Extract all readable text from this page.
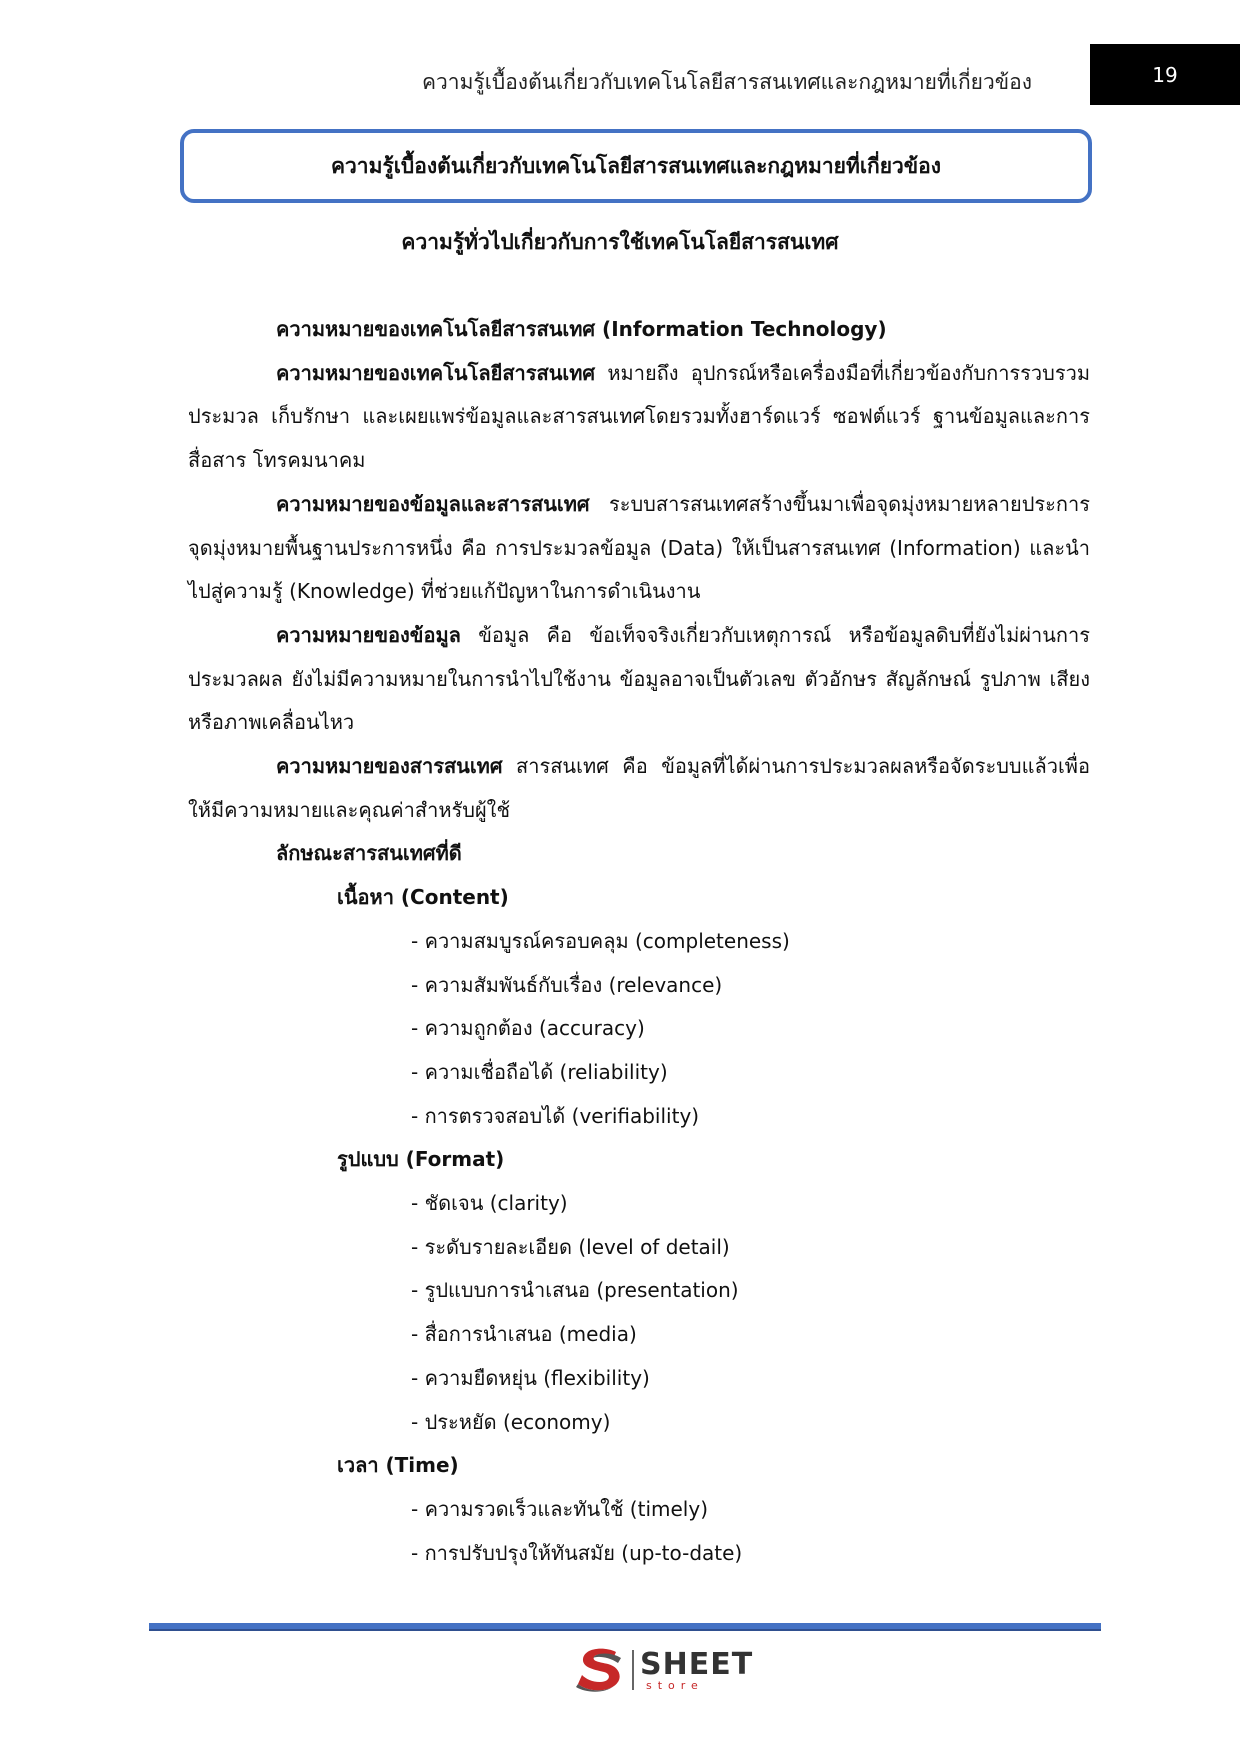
ความรู้เบื้องต้นเกี่ยวกับเทคโนโลยีสารสนเทศและกฎหมายที่เกี่ยวข้อง	19
ความรู้เบื้องต้นเกี่ยวกับเทคโนโลยีสารสนเทศและกฎหมายที่เกี่ยวข้อง
ความรู้ทั่วไปเกี่ยวกับการใช้เทคโนโลยีสารสนเทศ

ความหมายของเทคโนโลยีสารสนเทศ (Information Technology)

ความหมายของเทคโนโลยีสารสนเทศ หมายถึง อุปกรณ์หรือเครื่องมือที่เกี่ยวข้องกับการรวบรวมประมวล เก็บรักษา และเผยแพร่ข้อมูลและสารสนเทศโดยรวมทั้งฮาร์ดแวร์ ซอฟต์แวร์ ฐานข้อมูลและการสื่อสาร โทรคมนาคม

ความหมายของข้อมูลและสารสนเทศ ระบบสารสนเทศสร้างขึ้นมาเพื่อจุดมุ่งหมายหลายประการจุดมุ่งหมายพื้นฐานประการหนึ่ง คือ การประมวลข้อมูล (Data) ให้เป็นสารสนเทศ (Information) และนำไปสู่ความรู้ (Knowledge) ที่ช่วยแก้ปัญหาในการดำเนินงาน

ความหมายของข้อมูล ข้อมูล คือ ข้อเท็จจริงเกี่ยวกับเหตุการณ์ หรือข้อมูลดิบที่ยังไม่ผ่านการประมวลผล ยังไม่มีความหมายในการนำไปใช้งาน ข้อมูลอาจเป็นตัวเลข ตัวอักษร สัญลักษณ์ รูปภาพ เสียง หรือภาพเคลื่อนไหว

ความหมายของสารสนเทศ สารสนเทศ คือ ข้อมูลที่ได้ผ่านการประมวลผลหรือจัดระบบแล้วเพื่อให้มีความหมายและคุณค่าสำหรับผู้ใช้

ลักษณะสารสนเทศที่ดี

เนื้อหา (Content)

- ความสมบูรณ์ครอบคลุม (completeness)

- ความสัมพันธ์กับเรื่อง (relevance)

- ความถูกต้อง (accuracy)

- ความเชื่อถือได้ (reliability)

- การตรวจสอบได้ (verifiability)

รูปแบบ (Format)

- ชัดเจน (clarity)

- ระดับรายละเอียด (level of detail)

- รูปแบบการนำเสนอ (presentation)

- สื่อการนำเสนอ (media)

- ความยืดหยุ่น (flexibility)

- ประหยัด (economy)

เวลา (Time)

- ความรวดเร็วและทันใช้ (timely)

- การปรับปรุงให้ทันสมัย (up-to-date)

SHEET
store
